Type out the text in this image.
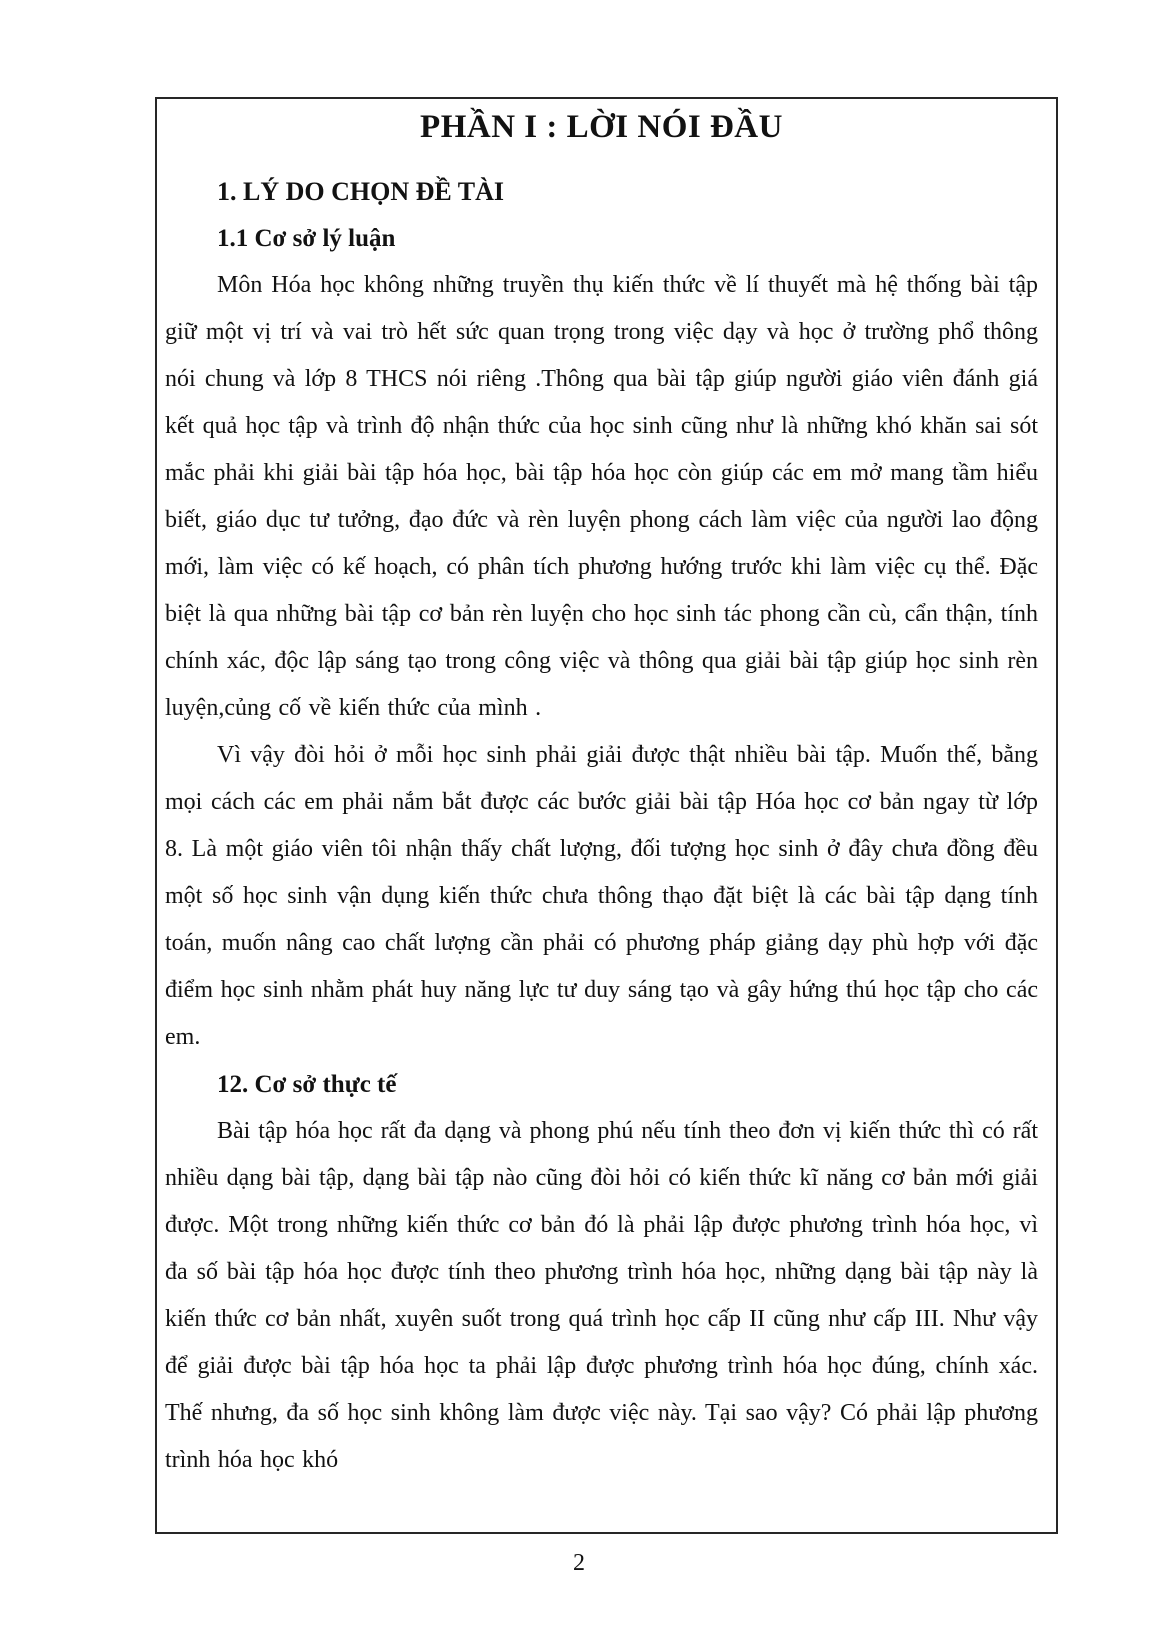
PHẦN I : LỜI NÓI ĐẦU
1. LÝ DO CHỌN ĐỀ TÀI
1.1 Cơ sở lý luận

Môn Hóa học không những truyền thụ kiến thức về lí thuyết mà hệ thống bài tập giữ một vị trí và vai trò hết sức quan trọng trong việc dạy và học ở trường phổ thông nói chung và lớp 8 THCS nói riêng .Thông qua bài tập giúp người giáo viên đánh giá kết quả học tập và trình độ nhận thức của học sinh cũng như là những khó khăn sai sót mắc phải khi giải bài tập hóa học, bài tập hóa học còn giúp các em mở mang tầm hiểu biết, giáo dục tư tưởng, đạo đức và rèn luyện phong cách làm việc của người lao động mới, làm việc có kế hoạch, có phân tích phương hướng trước khi làm việc cụ thể. Đặc biệt là qua những bài tập cơ bản rèn luyện cho học sinh tác phong cần cù, cẩn thận, tính chính xác, độc lập sáng tạo trong công việc và thông qua giải bài tập giúp học sinh rèn luyện,củng cố về kiến thức của mình .

Vì vậy đòi hỏi ở mỗi học sinh phải giải được thật nhiều bài tập. Muốn thế, bằng mọi cách các em phải nắm bắt được các bước giải bài tập Hóa học cơ bản ngay từ lớp 8. Là một giáo viên tôi nhận thấy chất lượng, đối tượng học sinh ở đây chưa đồng đều một số học sinh vận dụng kiến thức chưa thông thạo đặt biệt là các bài tập dạng tính toán, muốn nâng cao chất lượng cần phải có phương pháp giảng dạy phù hợp với đặc điểm học sinh nhằm phát huy năng lực tư duy sáng tạo và gây hứng thú học tập cho các em.

12. Cơ sở thực tế

Bài tập hóa học rất đa dạng và phong phú nếu tính theo đơn vị kiến thức thì có rất nhiều dạng bài tập, dạng bài tập nào cũng đòi hỏi có kiến thức kĩ năng cơ bản mới giải được. Một trong những kiến thức cơ bản đó là phải lập được phương trình hóa học, vì đa số bài tập hóa học được tính theo phương trình hóa học, những dạng bài tập này là kiến thức cơ bản nhất, xuyên suốt trong quá trình học cấp II cũng như cấp III. Như vậy để giải được bài tập hóa học ta phải lập được phương trình hóa học đúng, chính xác. Thế nhưng, đa số học sinh không làm được việc này. Tại sao vậy? Có phải lập phương trình hóa học khó

2
